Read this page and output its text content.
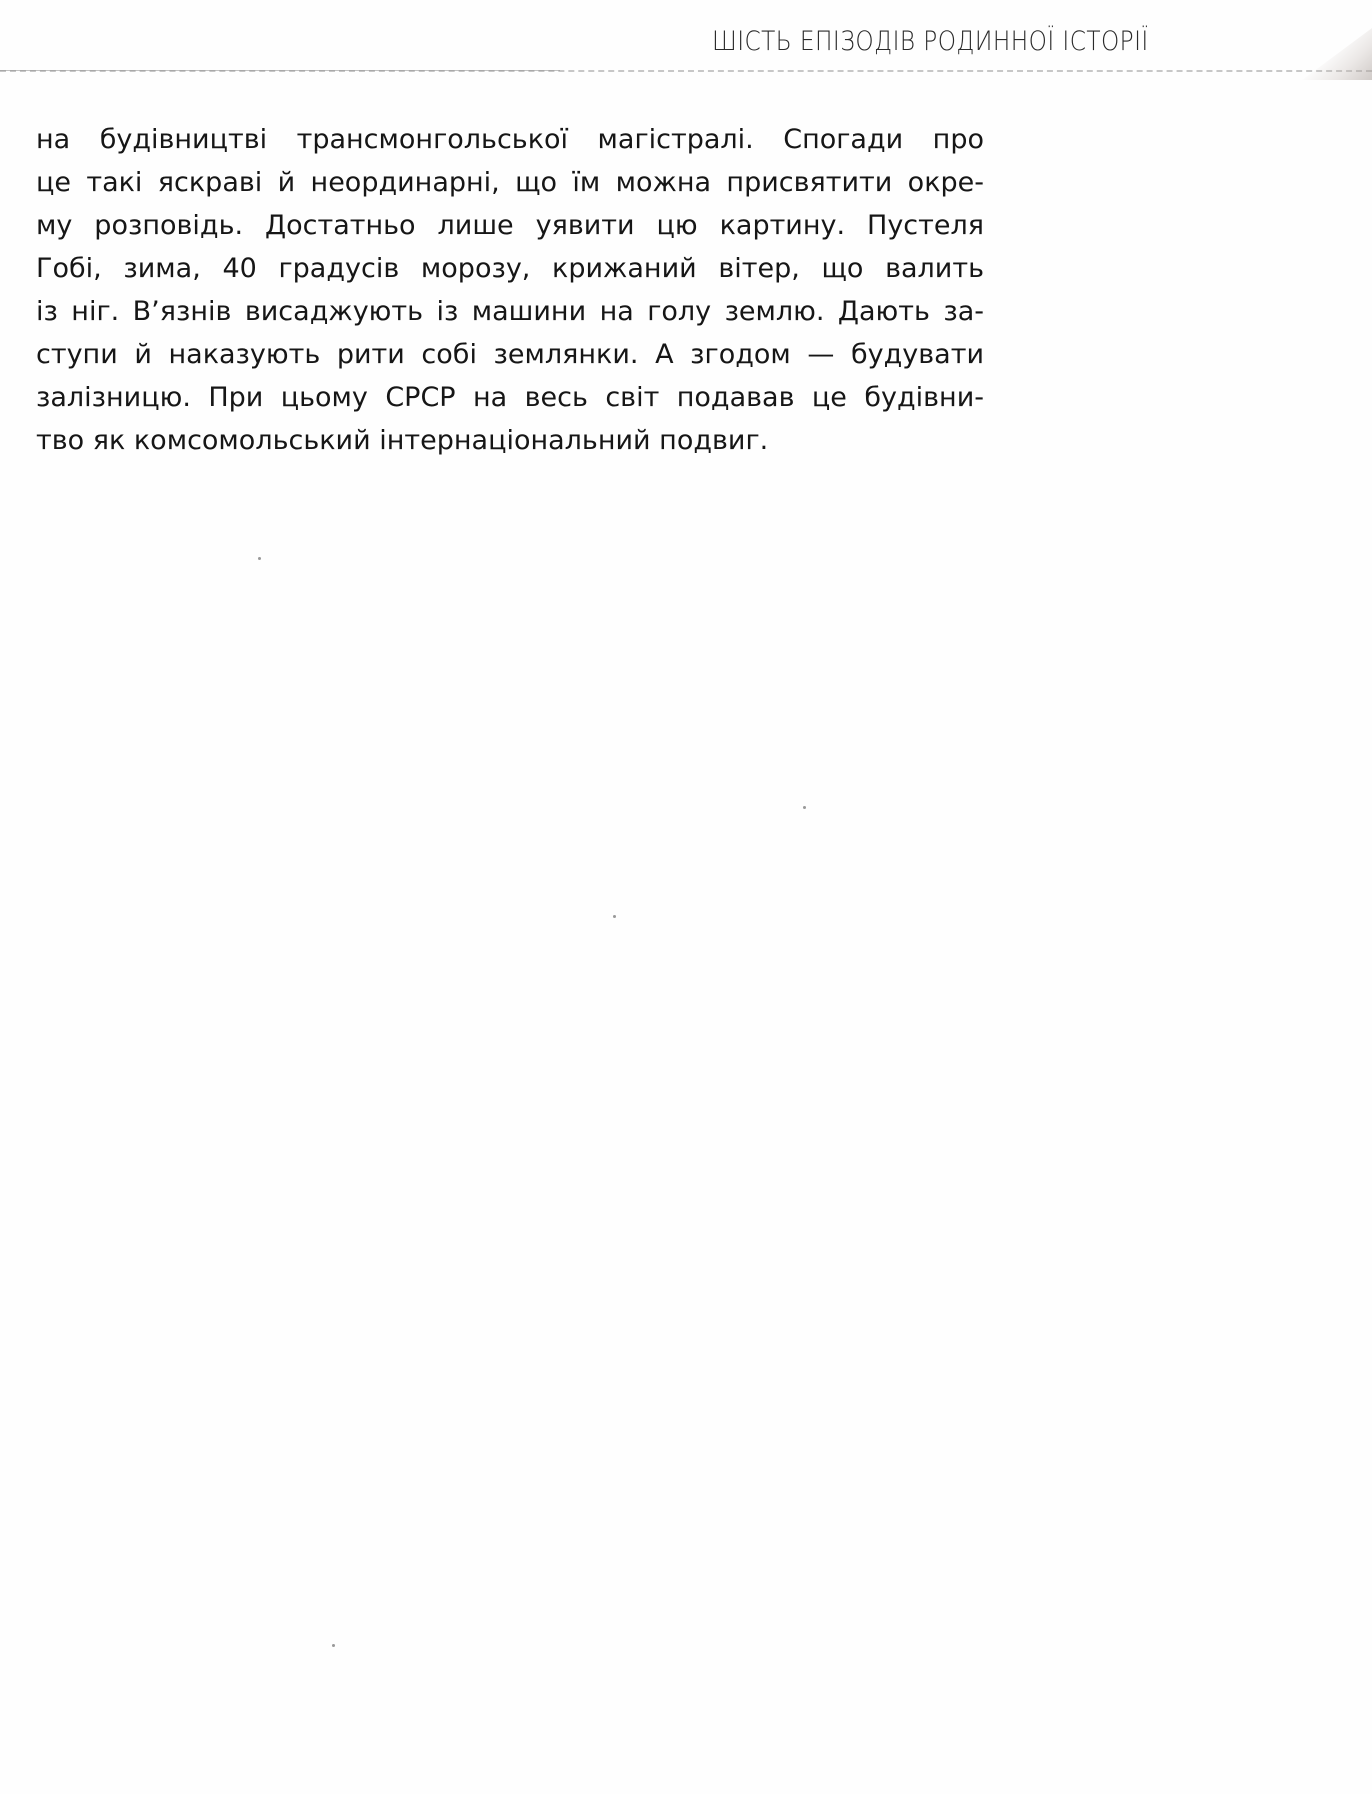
ШІСТЬ ЕПІЗОДІВ РОДИННОЇ ІСТОРІЇ
на будівництві трансмонгольської магістралі. Спогади про
це такі яскраві й неординарні, що їм можна присвятити окре-
му розповідь. Достатньо лише уявити цю картину. Пустеля
Гобі, зима, 40 градусів морозу, крижаний вітер, що валить
із ніг. В’язнів висаджують із машини на голу землю. Дають за-
ступи й наказують рити собі землянки. А згодом — будувати
залізницю. При цьому СРСР на весь світ подавав це будівни-
тво як комсомольський інтернаціональний подвиг.
